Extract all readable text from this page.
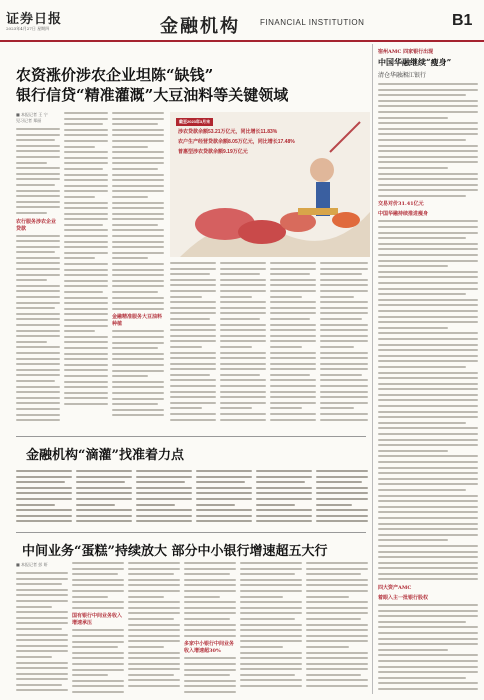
证券日报
2023年4月27日 星期四	金融机构	FINANCIAL INSTITUTION	B1
农资涨价涉农企业坦陈“缺钱”
银行信贷“精准灌溉”大豆油料等关键领域
■ 本报记者 王 宁
见习记者 郑丽
农行服务涉农企业贷款
金融精准服务大豆油料种植
截至2023年3月末
涉农贷款余额53.21万亿元，同比增长11.83%
农户生产经营贷款余额8.05万亿元，同比增长17.48%
普惠型涉农贷款余额9.19万亿元
金融机构“滴灌”找准着力点
中间业务“蛋糕”持续放大 部分中小银行增速超五大行
■ 本报记者 彭 妍
国有银行中间业务收入增速承压
多家中小银行中间业务收入增速超30%
宿州AMC 四家银行出现
中国华融继续“瘦身”
清仓华融湘江银行
交易对价31.41亿元
中国华融持续推进瘦身
四大资产AMC
着眼入主一批银行股权
